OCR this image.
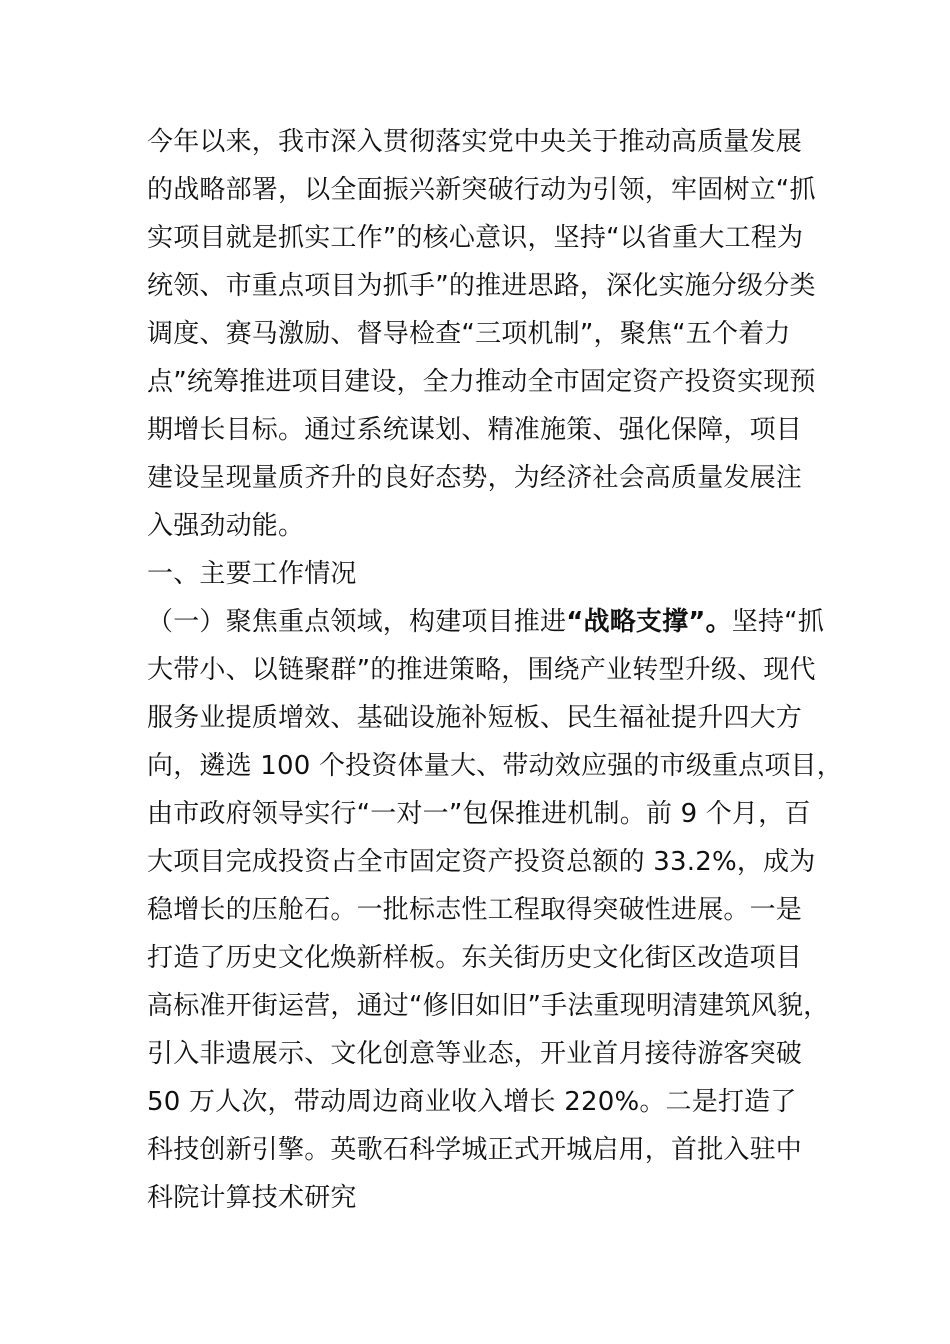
今年以来，我市深入贯彻落实党中央关于推动高质量发展
的战略部署，以全面振兴新突破行动为引领，牢固树立“抓
实项目就是抓实工作”的核心意识，坚持“以省重大工程为
统领、市重点项目为抓手”的推进思路，深化实施分级分类
调度、赛马激励、督导检查“三项机制”，聚焦“五个着力
点”统筹推进项目建设，全力推动全市固定资产投资实现预
期增长目标。通过系统谋划、精准施策、强化保障，项目
建设呈现量质齐升的良好态势，为经济社会高质量发展注
入强劲动能。
一、主要工作情况
（一）聚焦重点领域，构建项目推进“战略支撑”。坚持“抓
大带小、以链聚群”的推进策略，围绕产业转型升级、现代
服务业提质增效、基础设施补短板、民生福祉提升四大方
向，遴选 100 个投资体量大、带动效应强的市级重点项目，
由市政府领导实行“一对一”包保推进机制。前 9 个月，百
大项目完成投资占全市固定资产投资总额的 33.2%，成为
稳增长的压舱石。一批标志性工程取得突破性进展。一是
打造了历史文化焕新样板。东关街历史文化街区改造项目
高标准开街运营，通过“修旧如旧”手法重现明清建筑风貌，
引入非遗展示、文化创意等业态，开业首月接待游客突破
50 万人次，带动周边商业收入增长 220%。二是打造了
科技创新引擎。英歌石科学城正式开城启用，首批入驻中
科院计算技术研究
